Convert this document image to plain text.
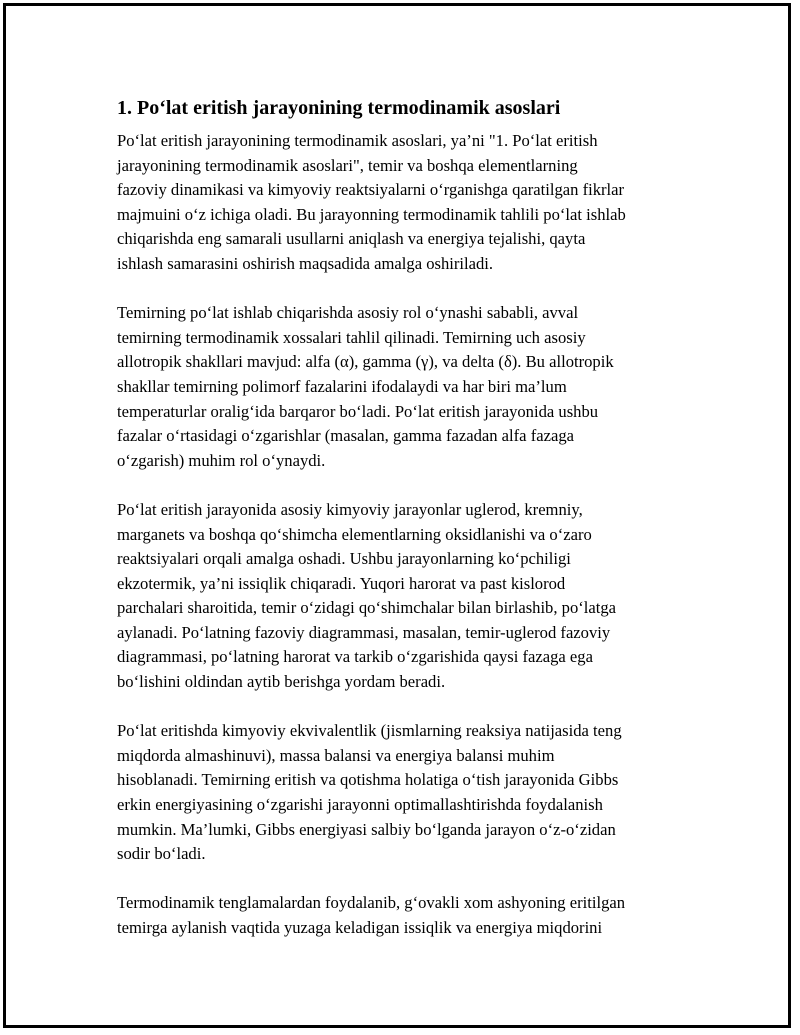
1. Po‘lat eritish jarayonining termodinamik asoslari

Po‘lat eritish jarayonining termodinamik asoslari, ya’ni "1. Po‘lat eritish
jarayonining termodinamik asoslari", temir va boshqa elementlarning
fazoviy dinamikasi va kimyoviy reaktsiyalarni o‘rganishga qaratilgan fikrlar
majmuini o‘z ichiga oladi. Bu jarayonning termodinamik tahlili po‘lat ishlab
chiqarishda eng samarali usullarni aniqlash va energiya tejalishi, qayta
ishlash samarasini oshirish maqsadida amalga oshiriladi.

Temirning po‘lat ishlab chiqarishda asosiy rol o‘ynashi sababli, avval
temirning termodinamik xossalari tahlil qilinadi. Temirning uch asosiy
allotropik shakllari mavjud: alfa (α), gamma (γ), va delta (δ). Bu allotropik
shakllar temirning polimorf fazalarini ifodalaydi va har biri ma’lum
temperaturlar oralig‘ida barqaror bo‘ladi. Po‘lat eritish jarayonida ushbu
fazalar o‘rtasidagi o‘zgarishlar (masalan, gamma fazadan alfa fazaga
o‘zgarish) muhim rol o‘ynaydi.

Po‘lat eritish jarayonida asosiy kimyoviy jarayonlar uglerod, kremniy,
marganets va boshqa qo‘shimcha elementlarning oksidlanishi va o‘zaro
reaktsiyalari orqali amalga oshadi. Ushbu jarayonlarning ko‘pchiligi
ekzotermik, ya’ni issiqlik chiqaradi. Yuqori harorat va past kislorod
parchalari sharoitida, temir o‘zidagi qo‘shimchalar bilan birlashib, po‘latga
aylanadi. Po‘latning fazoviy diagrammasi, masalan, temir-uglerod fazoviy
diagrammasi, po‘latning harorat va tarkib o‘zgarishida qaysi fazaga ega
bo‘lishini oldindan aytib berishga yordam beradi.

Po‘lat eritishda kimyoviy ekvivalentlik (jismlarning reaksiya natijasida teng
miqdorda almashinuvi), massa balansi va energiya balansi muhim
hisoblanadi. Temirning eritish va qotishma holatiga o‘tish jarayonida Gibbs
erkin energiyasining o‘zgarishi jarayonni optimallashtirishda foydalanish
mumkin. Ma’lumki, Gibbs energiyasi salbiy bo‘lganda jarayon o‘z-o‘zidan
sodir bo‘ladi.

Termodinamik tenglamalardan foydalanib, g‘ovakli xom ashyoning eritilgan
temirga aylanish vaqtida yuzaga keladigan issiqlik va energiya miqdorini
